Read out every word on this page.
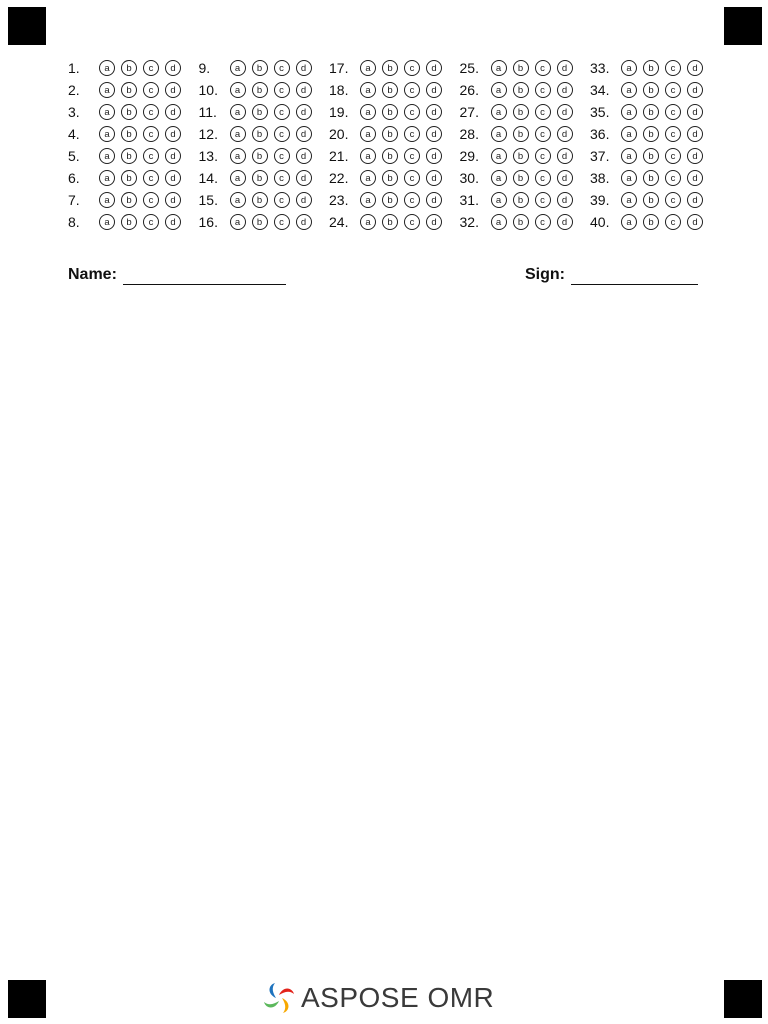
1.	a	b	c	d	9.	a	b	c	d	17.	a	b	c	d	25.	a	b	c	d	33.	a	b	c	d
2.	a	b	c	d	10.	a	b	c	d	18.	a	b	c	d	26.	a	b	c	d	34.	a	b	c	d
3.	a	b	c	d	11.	a	b	c	d	19.	a	b	c	d	27.	a	b	c	d	35.	a	b	c	d
4.	a	b	c	d	12.	a	b	c	d	20.	a	b	c	d	28.	a	b	c	d	36.	a	b	c	d
5.	a	b	c	d	13.	a	b	c	d	21.	a	b	c	d	29.	a	b	c	d	37.	a	b	c	d
6.	a	b	c	d	14.	a	b	c	d	22.	a	b	c	d	30.	a	b	c	d	38.	a	b	c	d
7.	a	b	c	d	15.	a	b	c	d	23.	a	b	c	d	31.	a	b	c	d	39.	a	b	c	d
8.	a	b	c	d	16.	a	b	c	d	24.	a	b	c	d	32.	a	b	c	d	40.	a	b	c	d
Name:	Sign:
ASPOSE OMR
